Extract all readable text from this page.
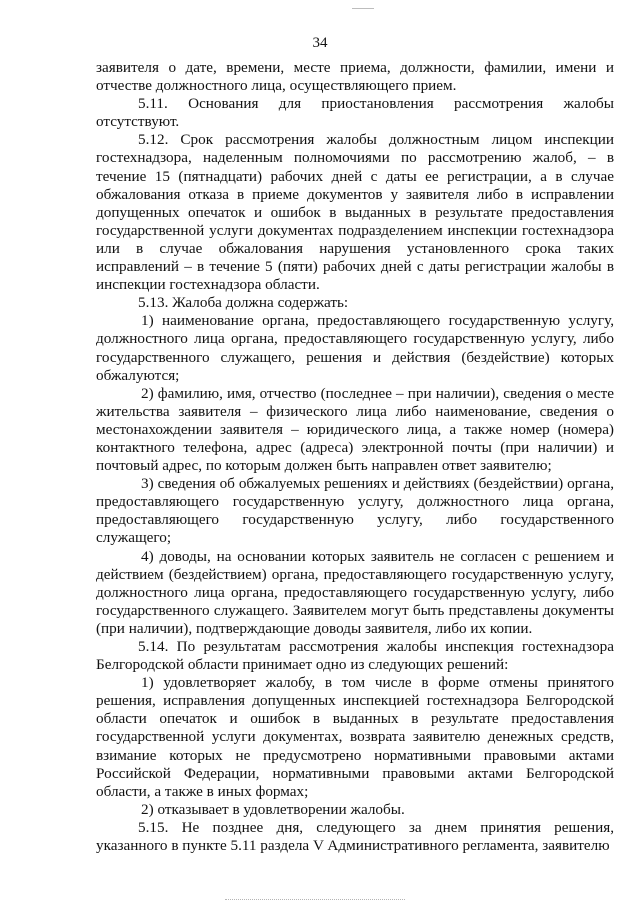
34

заявителя о дате, времени, месте приема, должности, фамилии, имени и отчестве должностного лица, осуществляющего прием.

5.11. Основания для приостановления рассмотрения жалобы отсутствуют.

5.12. Срок рассмотрения жалобы должностным лицом инспекции гостехнадзора, наделенным полномочиями по рассмотрению жалоб, – в течение 15 (пятнадцати) рабочих дней с даты ее регистрации, а в случае обжалования отказа в приеме документов у заявителя либо в исправлении допущенных опечаток и ошибок в выданных в результате предоставления государственной услуги документах подразделением инспекции гостехнадзора или в случае обжалования нарушения установленного срока таких исправлений – в течение 5 (пяти) рабочих дней с даты регистрации жалобы в инспекции гостехнадзора области.

5.13. Жалоба должна содержать:

1) наименование органа, предоставляющего государственную услугу, должностного лица органа, предоставляющего государственную услугу, либо государственного служащего, решения и действия (бездействие) которых обжалуются;

2) фамилию, имя, отчество (последнее – при наличии), сведения о месте жительства заявителя – физического лица либо наименование, сведения о местонахождении заявителя – юридического лица, а также номер (номера) контактного телефона, адрес (адреса) электронной почты (при наличии) и почтовый адрес, по которым должен быть направлен ответ заявителю;

3) сведения об обжалуемых решениях и действиях (бездействии) органа, предоставляющего государственную услугу, должностного лица органа, предоставляющего государственную услугу, либо государственного служащего;

4) доводы, на основании которых заявитель не согласен с решением и действием (бездействием) органа, предоставляющего государственную услугу, должностного лица органа, предоставляющего государственную услугу, либо государственного служащего. Заявителем могут быть представлены документы (при наличии), подтверждающие доводы заявителя, либо их копии.

5.14. По результатам рассмотрения жалобы инспекция гостехнадзора Белгородской области принимает одно из следующих решений:

1) удовлетворяет жалобу, в том числе в форме отмены принятого решения, исправления допущенных инспекцией гостехнадзора Белгородской области опечаток и ошибок в выданных в результате предоставления государственной услуги документах, возврата заявителю денежных средств, взимание которых не предусмотрено нормативными правовыми актами Российской Федерации, нормативными правовыми актами Белгородской области, а также в иных формах;

2) отказывает в удовлетворении жалобы.

5.15. Не позднее дня, следующего за днем принятия решения, указанного в пункте 5.11 раздела V Административного регламента, заявителю
